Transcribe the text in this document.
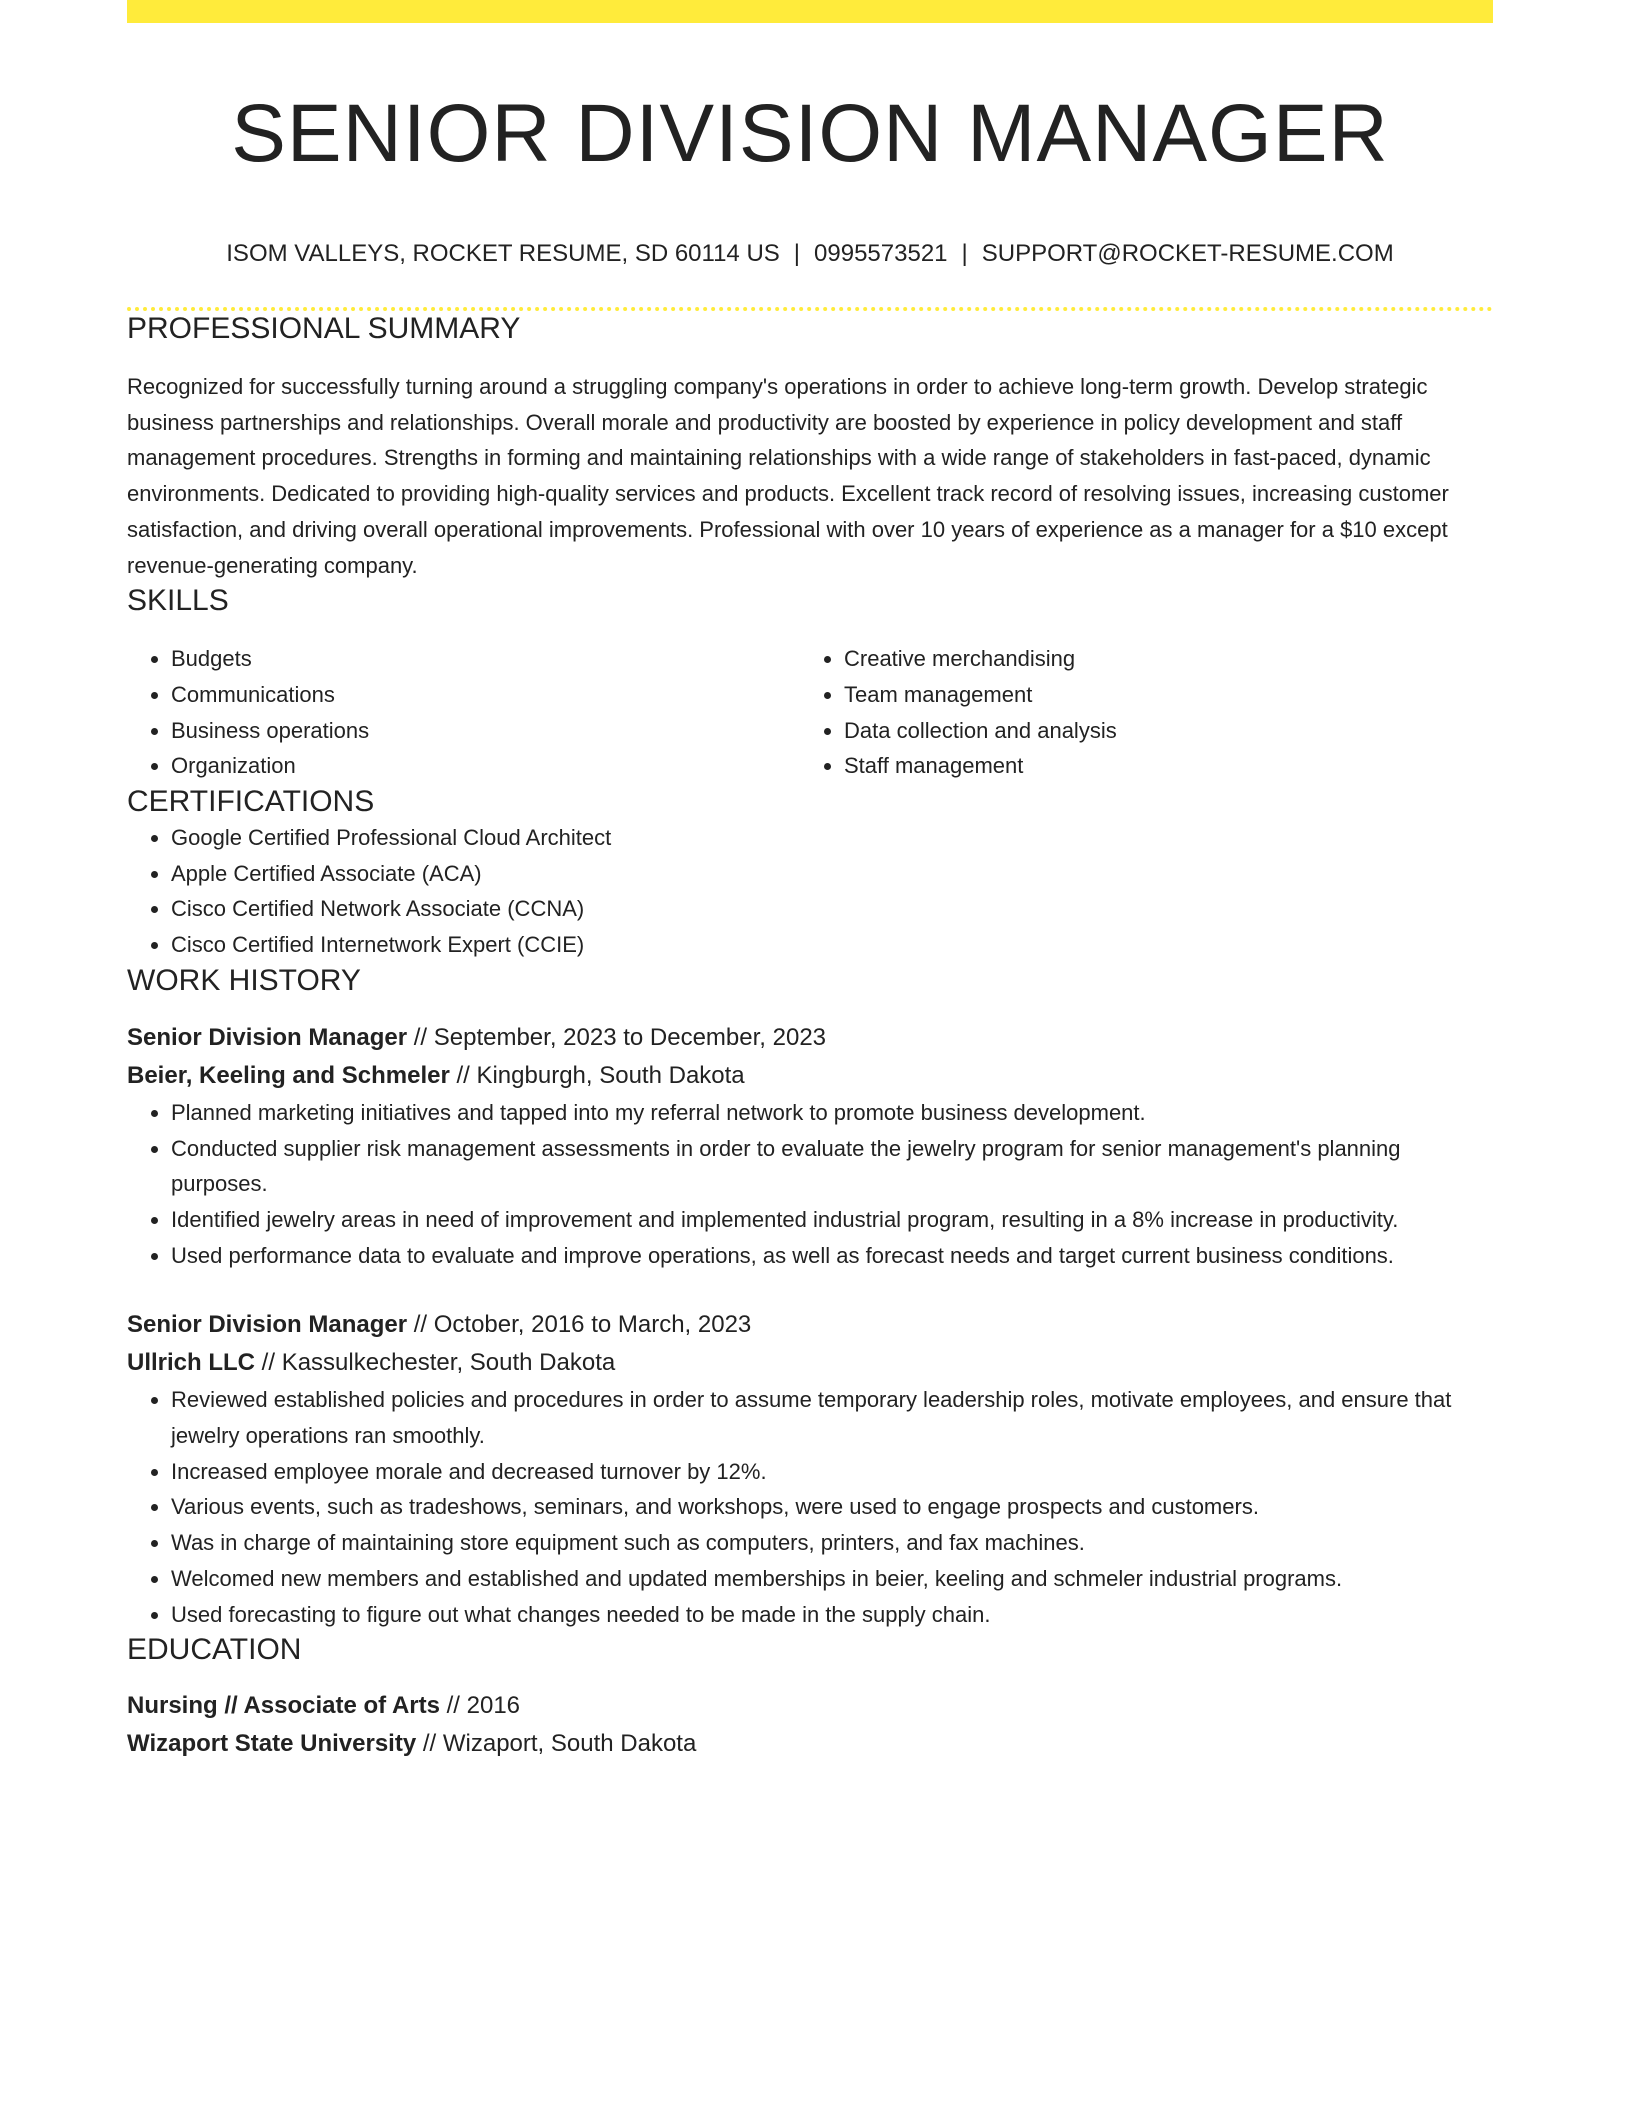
SENIOR DIVISION MANAGER
ISOM VALLEYS, ROCKET RESUME, SD 60114 US | 0995573521 | SUPPORT@ROCKET-RESUME.COM
PROFESSIONAL SUMMARY

Recognized for successfully turning around a struggling company's operations in order to achieve long-term growth. Develop strategic business partnerships and relationships. Overall morale and productivity are boosted by experience in policy development and staff management procedures. Strengths in forming and maintaining relationships with a wide range of stakeholders in fast-paced, dynamic environments. Dedicated to providing high-quality services and products. Excellent track record of resolving issues, increasing customer satisfaction, and driving overall operational improvements. Professional with over 10 years of experience as a manager for a $10 except revenue-generating company.

SKILLS
• Budgets
• Communications
• Business operations
• Organization
• Creative merchandising
• Team management
• Data collection and analysis
• Staff management
CERTIFICATIONS
• Google Certified Professional Cloud Architect
• Apple Certified Associate (ACA)
• Cisco Certified Network Associate (CCNA)
• Cisco Certified Internetwork Expert (CCIE)
WORK HISTORY
Senior Division Manager // September, 2023 to December, 2023
Beier, Keeling and Schmeler // Kingburgh, South Dakota
• Planned marketing initiatives and tapped into my referral network to promote business development.
• Conducted supplier risk management assessments in order to evaluate the jewelry program for senior management's planning purposes.
• Identified jewelry areas in need of improvement and implemented industrial program, resulting in a 8% increase in productivity.
• Used performance data to evaluate and improve operations, as well as forecast needs and target current business conditions.
Senior Division Manager // October, 2016 to March, 2023
Ullrich LLC // Kassulkechester, South Dakota
• Reviewed established policies and procedures in order to assume temporary leadership roles, motivate employees, and ensure that jewelry operations ran smoothly.
• Increased employee morale and decreased turnover by 12%.
• Various events, such as tradeshows, seminars, and workshops, were used to engage prospects and customers.
• Was in charge of maintaining store equipment such as computers, printers, and fax machines.
• Welcomed new members and established and updated memberships in beier, keeling and schmeler industrial programs.
• Used forecasting to figure out what changes needed to be made in the supply chain.
EDUCATION
Nursing // Associate of Arts // 2016
Wizaport State University // Wizaport, South Dakota
